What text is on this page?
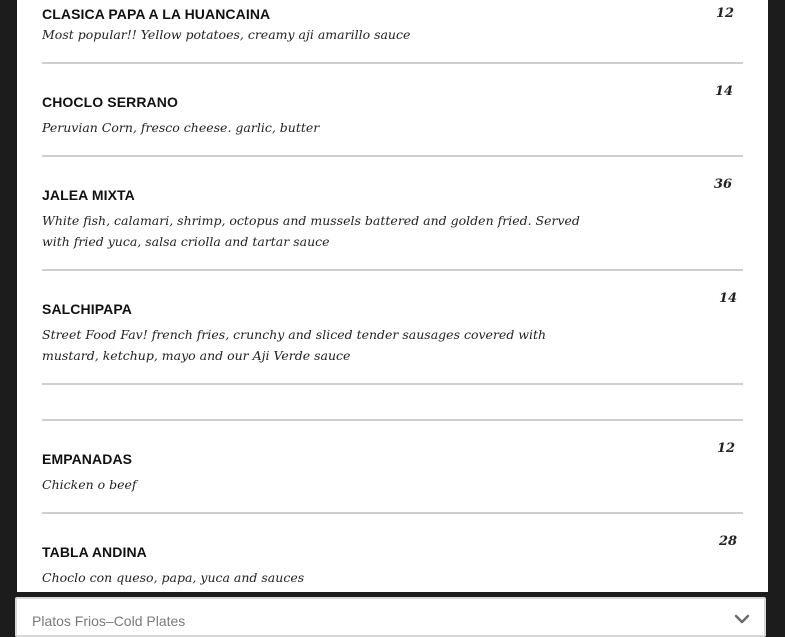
CLASICA PAPA A LA HUANCAINA
Most popular!! Yellow potatoes, creamy aji amarillo sauce
12
CHOCLO SERRANO
Peruvian Corn, fresco cheese. garlic, butter
14
JALEA MIXTA
White fish, calamari, shrimp, octopus and mussels battered and golden fried. Served with fried yuca, salsa criolla and tartar sauce
36
SALCHIPAPA
Street Food Fav! french fries, crunchy and sliced tender sausages covered with mustard, ketchup, mayo and our Aji Verde sauce
14
EMPANADAS
Chicken o beef
12
TABLA ANDINA
Choclo con queso, papa, yuca and sauces
28
Platos Frios–Cold Plates
